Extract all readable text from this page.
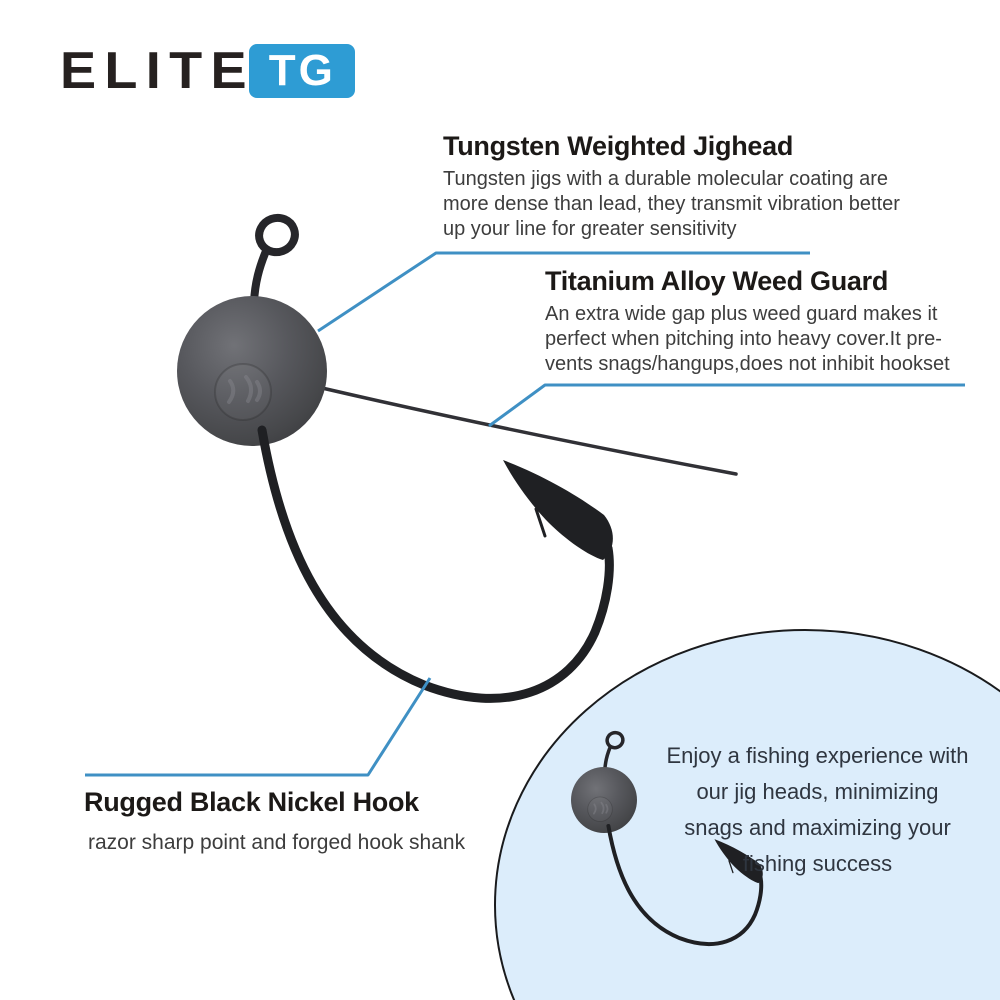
ELITE TG
Tungsten Weighted Jighead
Tungsten jigs with a durable molecular coating are
more dense than lead, they transmit vibration better
up your line for greater sensitivity
Titanium Alloy Weed Guard
An extra wide gap plus weed guard makes it
perfect when pitching into heavy cover.It pre-
vents snags/hangups,does not inhibit hookset
Rugged Black Nickel Hook
razor sharp point and forged hook shank
Enjoy a fishing experience with
our jig heads, minimizing
snags and maximizing your
fishing success
